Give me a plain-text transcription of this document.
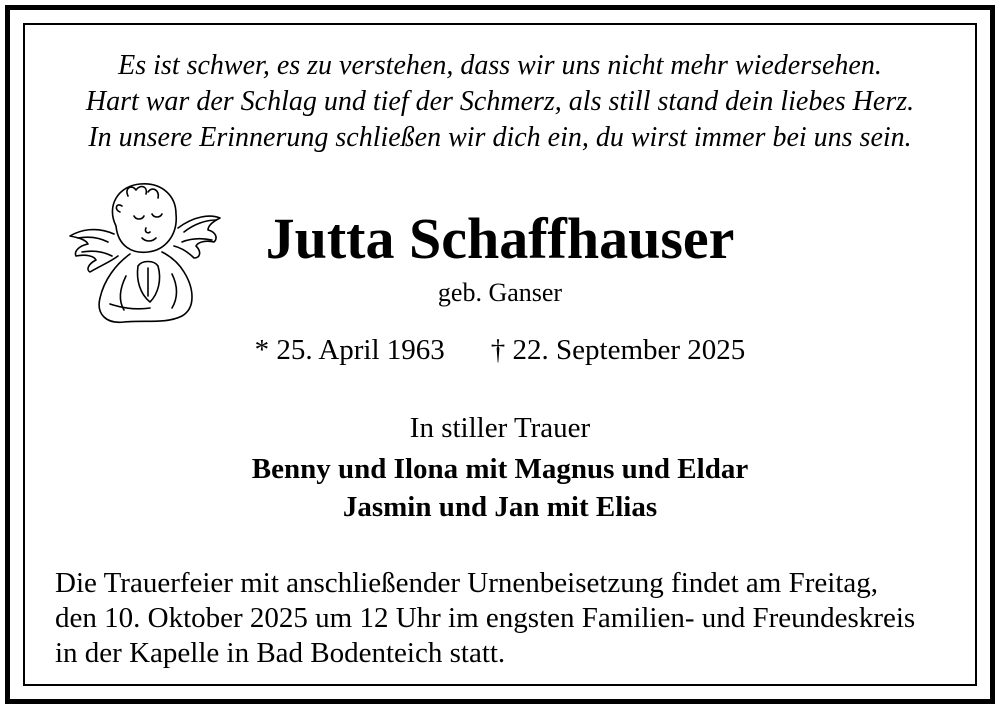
Es ist schwer, es zu verstehen, dass wir uns nicht mehr wiedersehen.
Hart war der Schlag und tief der Schmerz, als still stand dein liebes Herz.
In unsere Erinnerung schließen wir dich ein, du wirst immer bei uns sein.
Jutta Schaffhauser
geb. Ganser
* 25. April 1963 † 22. September 2025
In stiller Trauer
Benny und Ilona mit Magnus und Eldar
Jasmin und Jan mit Elias
Die Trauerfeier mit anschließender Urnenbeisetzung findet am Freitag,
den 10. Oktober 2025 um 12 Uhr im engsten Familien- und Freundeskreis
in der Kapelle in Bad Bodenteich statt.
